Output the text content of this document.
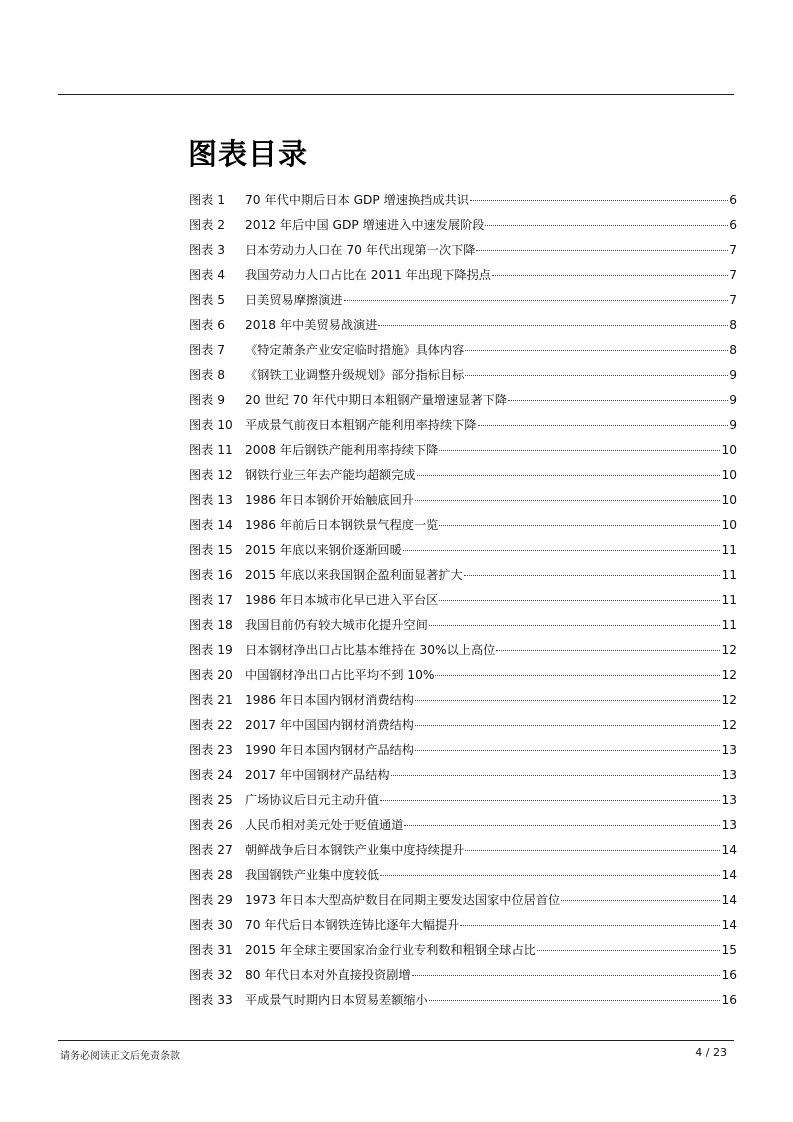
图表目录
图表 1	70 年代中期后日本 GDP 增速换挡成共识	6
图表 2	2012 年后中国 GDP 增速进入中速发展阶段	6
图表 3	日本劳动力人口在 70 年代出现第一次下降	7
图表 4	我国劳动力人口占比在 2011 年出现下降拐点	7
图表 5	日美贸易摩擦演进	7
图表 6	2018 年中美贸易战演进	8
图表 7	《特定萧条产业安定临时措施》具体内容	8
图表 8	《钢铁工业调整升级规划》部分指标目标	9
图表 9	20 世纪 70 年代中期日本粗钢产量增速显著下降	9
图表 10	平成景气前夜日本粗钢产能利用率持续下降	9
图表 11	2008 年后钢铁产能利用率持续下降	10
图表 12	钢铁行业三年去产能均超额完成	10
图表 13	1986 年日本钢价开始触底回升	10
图表 14	1986 年前后日本钢铁景气程度一览	10
图表 15	2015 年底以来钢价逐渐回暖	11
图表 16	2015 年底以来我国钢企盈利面显著扩大	11
图表 17	1986 年日本城市化早已进入平台区	11
图表 18	我国目前仍有较大城市化提升空间	11
图表 19	日本钢材净出口占比基本维持在 30%以上高位	12
图表 20	中国钢材净出口占比平均不到 10%	12
图表 21	1986 年日本国内钢材消费结构	12
图表 22	2017 年中国国内钢材消费结构	12
图表 23	1990 年日本国内钢材产品结构	13
图表 24	2017 年中国钢材产品结构	13
图表 25	广场协议后日元主动升值	13
图表 26	人民币相对美元处于贬值通道	13
图表 27	朝鲜战争后日本钢铁产业集中度持续提升	14
图表 28	我国钢铁产业集中度较低	14
图表 29	1973 年日本大型高炉数目在同期主要发达国家中位居首位	14
图表 30	70 年代后日本钢铁连铸比逐年大幅提升	14
图表 31	2015 年全球主要国家冶金行业专利数和粗钢全球占比	15
图表 32	80 年代日本对外直接投资剧增	16
图表 33	平成景气时期内日本贸易差额缩小	16
请务必阅读正文后免责条款	4 / 23
